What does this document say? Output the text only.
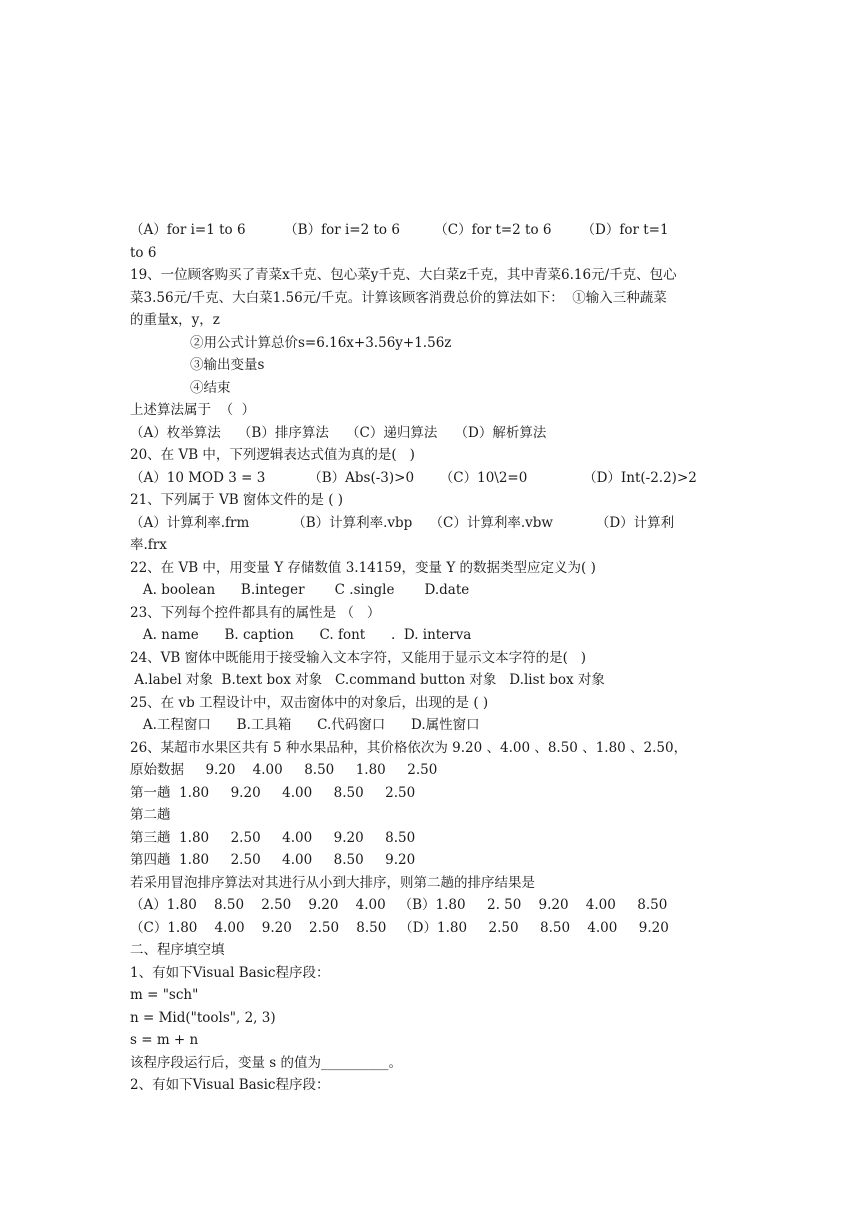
（A）for i=1 to 6         （B）for i=2 to 6        （C）for t=2 to 6       （D）for t=1
to 6
19、一位顾客购买了青菜x千克、包心菜y千克、大白菜z千克，其中青菜6.16元/千克、包心
菜3.56元/千克、大白菜1.56元/千克。计算该顾客消费总价的算法如下：  ①输入三种蔬菜
的重量x，y，z
②用公式计算总价s=6.16x+3.56y+1.56z
③输出变量s
④结束
上述算法属于  （  ）
（A）枚举算法    （B）排序算法    （C）递归算法    （D）解析算法
20、在 VB 中，下列逻辑表达式值为真的是(   )
（A）10 MOD 3 = 3          （B）Abs(-3)>0      （C）10\2=0             （D）Int(-2.2)>2
21、下列属于 VB 窗体文件的是 ( )
（A）计算利率.frm          （B）计算利率.vbp    （C）计算利率.vbw          （D）计算利
率.frx
22、在 VB 中，用变量 Y 存储数值 3.14159，变量 Y 的数据类型应定义为( )
A. boolean      B.integer       C .single       D.date
23、下列每个控件都具有的属性是 （   ）
A. name      B. caption      C. font      .  D. interva
24、VB 窗体中既能用于接受输入文本字符，又能用于显示文本字符的是(   )
A.label 对象  B.text box 对象   C.command button 对象   D.list box 对象
25、在 vb 工程设计中，双击窗体中的对象后，出现的是 ( )
A.工程窗口      B.工具箱      C.代码窗口      D.属性窗口
26、某超市水果区共有 5 种水果品种，其价格依次为 9.20 、4.00 、8.50 、1.80 、2.50，
原始数据     9.20    4.00     8.50     1.80     2.50
第一趟  1.80     9.20     4.00     8.50     2.50
第二趟
第三趟  1.80     2.50     4.00     9.20     8.50
第四趟  1.80     2.50     4.00     8.50     9.20
若采用冒泡排序算法对其进行从小到大排序，则第二趟的排序结果是
（A）1.80    8.50    2.50    9.20    4.00   （B）1.80     2. 50    9.20    4.00     8.50
（C）1.80    4.00    9.20    2.50    8.50   （D）1.80     2.50     8.50    4.00     9.20
二、程序填空填
1、有如下Visual Basic程序段：
m = "sch"
n = Mid("tools", 2, 3)
s = m + n
该程序段运行后，变量 s 的值为__________。
2、有如下Visual Basic程序段：
